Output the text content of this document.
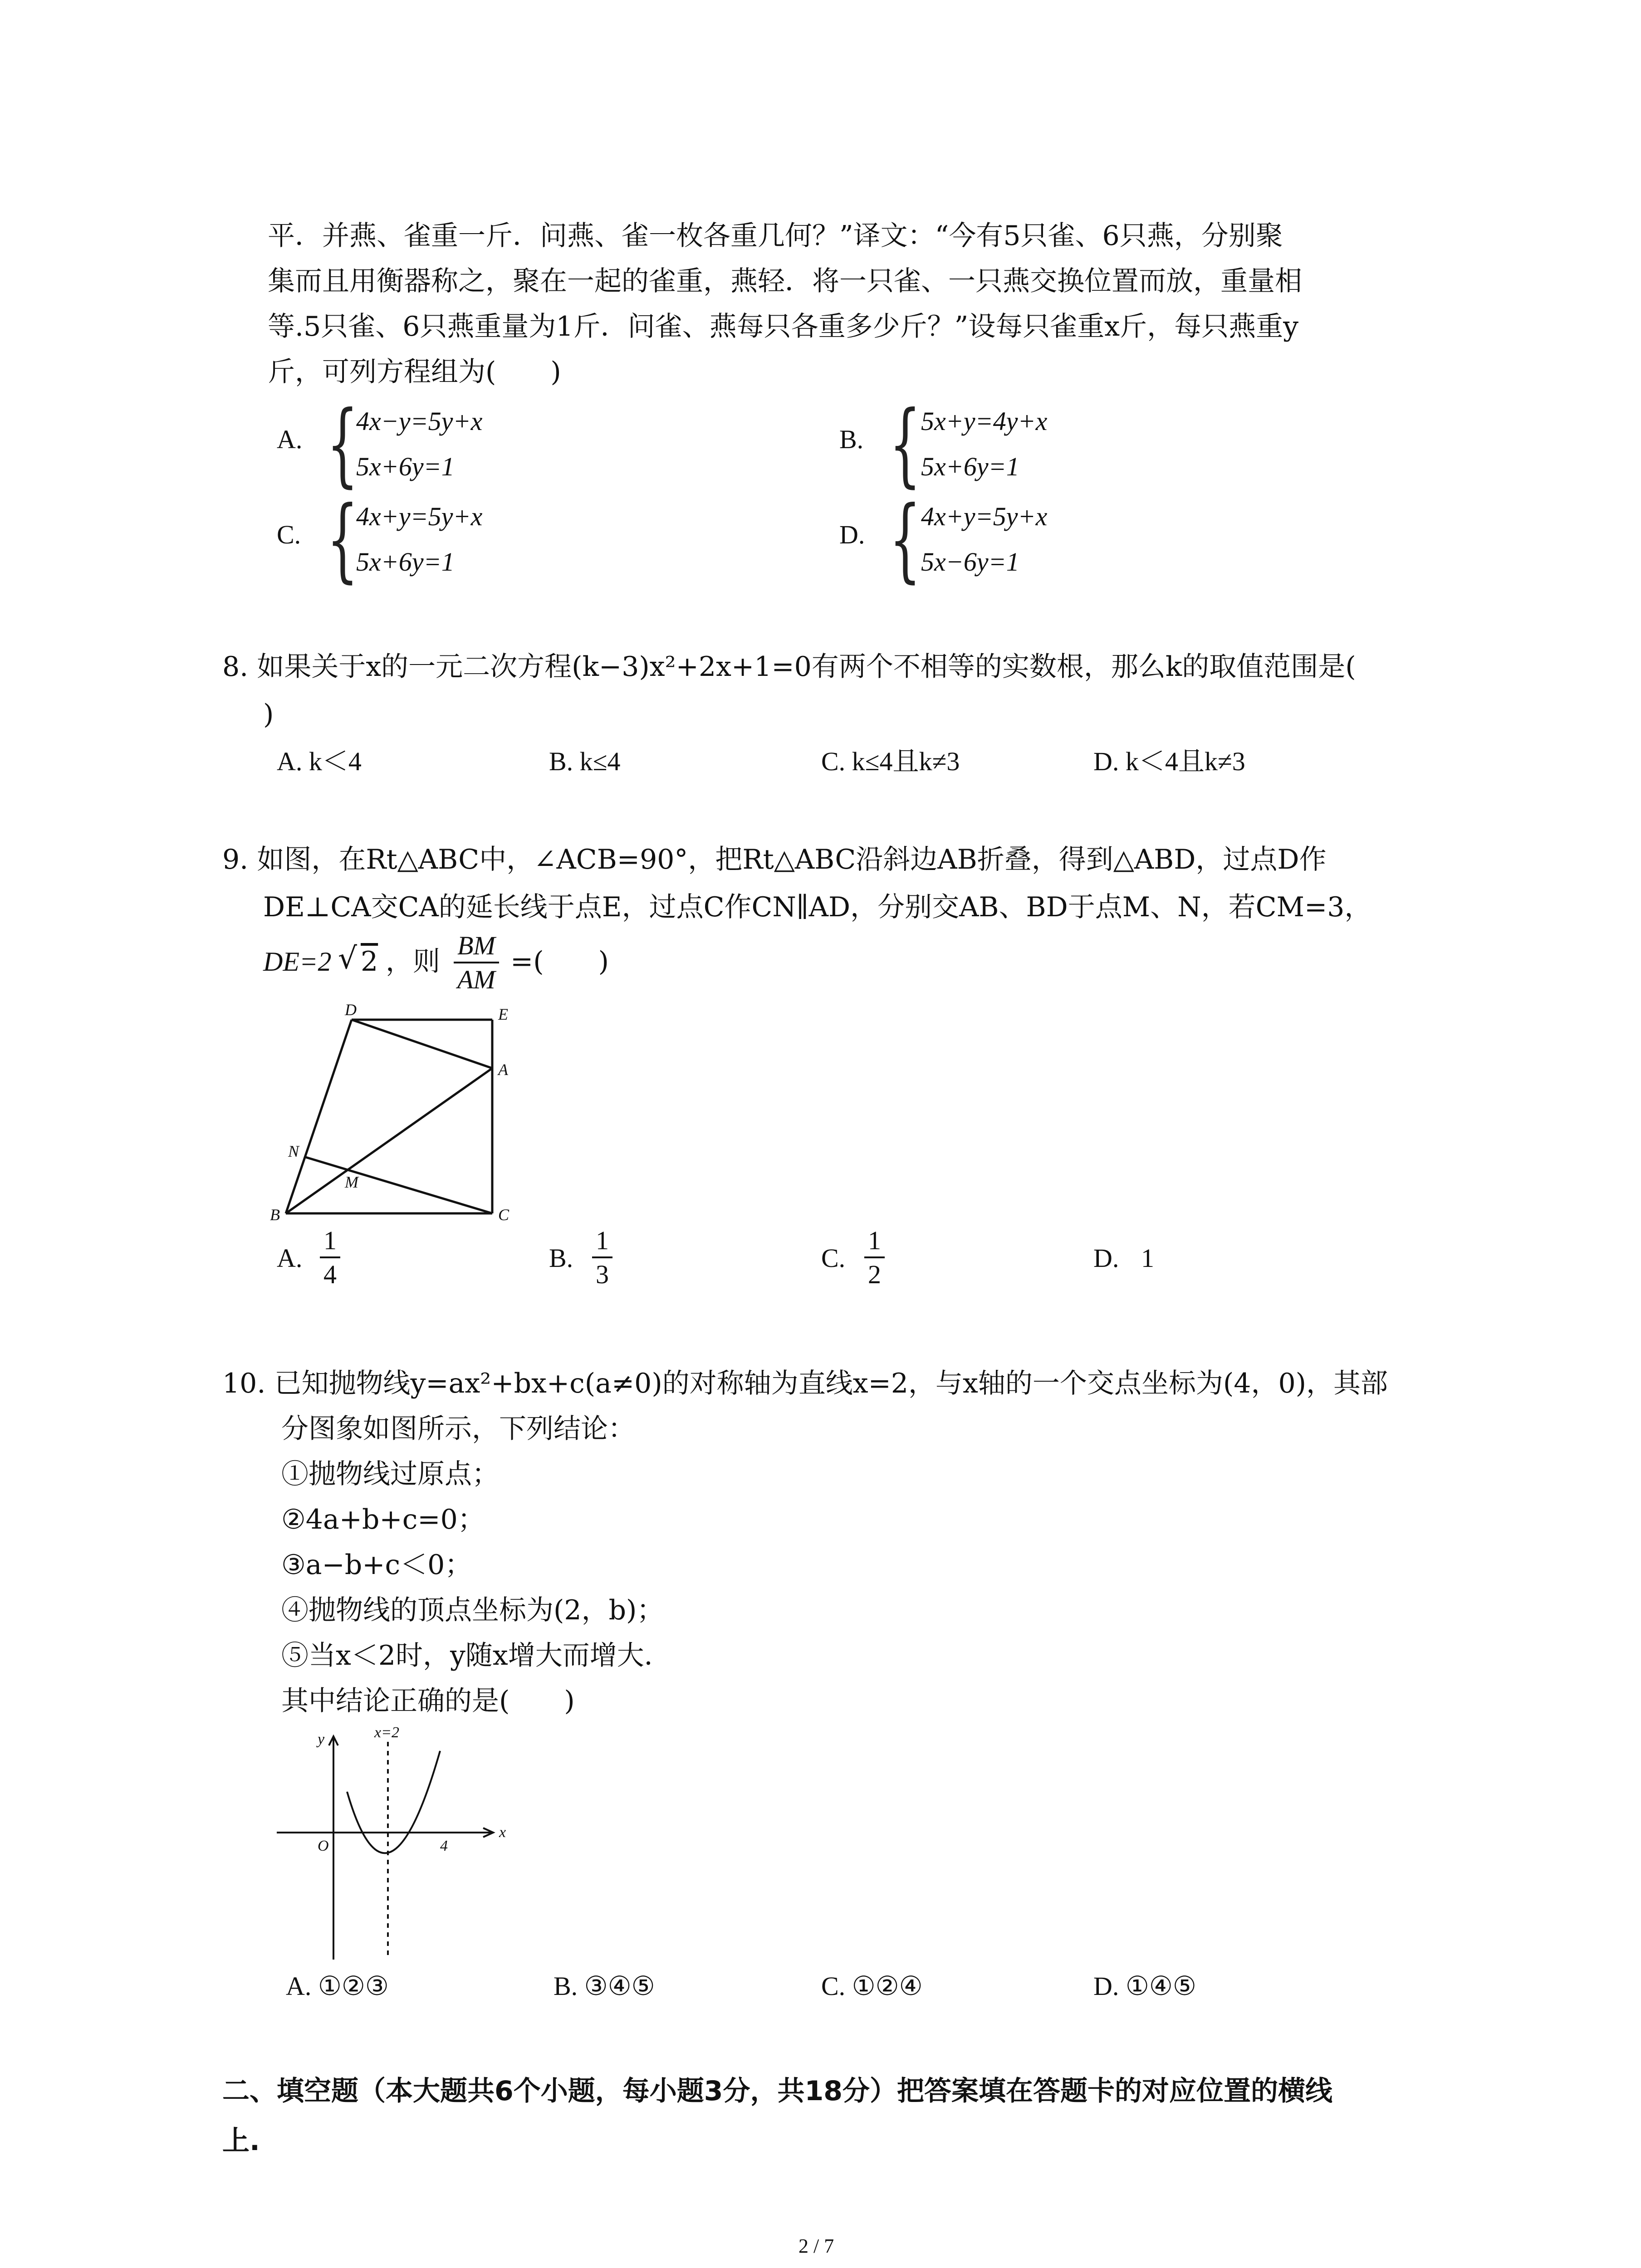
平．并燕、雀重一斤．问燕、雀一枚各重几何？”译文：“今有5只雀、6只燕，分别聚
集而且用衡器称之，聚在一起的雀重，燕轻．将一只雀、一只燕交换位置而放，重量相
等.5只雀、6只燕重量为1斤．问雀、燕每只各重多少斤？”设每只雀重x斤，每只燕重y
斤，可列方程组为(　　)
A. {
4x−y=5y+x
5x+6y=1
B. { 5x+y=4y+x
5x+6y=1
C. {
4x+y=5y+x
5x+6y=1
D. { 4x+y=5y+x
5x−6y=1
8. 如果关于x的一元二次方程(k−3)x²+2x+1=0有两个不相等的实数根，那么k的取值范围是(
)
A. k＜4	B. k≤4	C. k≤4且k≠3	D. k＜4且k≠3
9. 如图，在Rt△ABC中，∠ACB=90°，把Rt△ABC沿斜边AB折叠，得到△ABD，过点D作
DE⊥CA交CA的延长线于点E，过点C作CN∥AD，分别交AB、BD于点M、N，若CM=3，
DE=2 √ 2 ，则 $\frac{BM}{AM}$ =(　　)
D	E
A
N
M
B	C
A. $\frac{1}{4}$	B. $\frac{1}{3}$	C. $\frac{1}{2}$	D. 1
10. 已知抛物线y=ax²+bx+c(a≠0)的对称轴为直线x=2，与x轴的一个交点坐标为(4，0)，其部
分图象如图所示，下列结论：
①抛物线过原点；
②4a+b+c=0；
③a−b+c＜0；
④抛物线的顶点坐标为(2，b)；
⑤当x＜2时，y随x增大而增大．
其中结论正确的是(　　)
y	x=2
x
O	4
A. ①②③	B. ③④⑤	C. ①②④	D. ①④⑤
二、填空题（本大题共6个小题，每小题3分，共18分）把答案填在答题卡的对应位置的横线
上.
2 / 7
